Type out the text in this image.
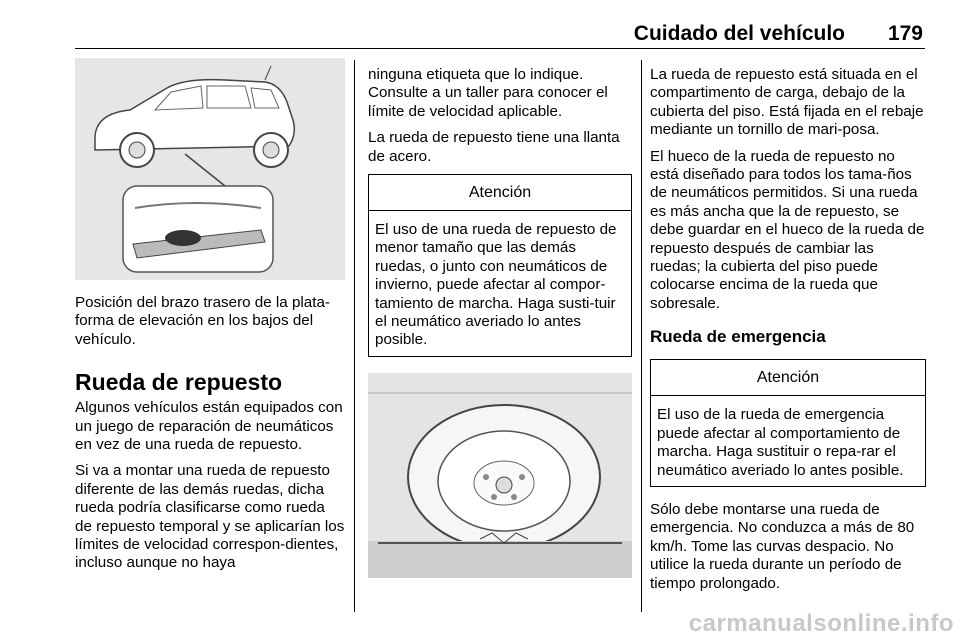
Cuidado del vehículo 179

Posición del brazo trasero de la plata-forma de elevación en los bajos del vehículo.

Rueda de repuesto

Algunos vehículos están equipados con un juego de reparación de neumáticos en vez de una rueda de repuesto.

Si va a montar una rueda de repuesto diferente de las demás ruedas, dicha rueda podría clasificarse como rueda de repuesto temporal y se aplicarían los límites de velocidad correspon-dientes, incluso aunque no haya

ninguna etiqueta que lo indique. Consulte a un taller para conocer el límite de velocidad aplicable.

La rueda de repuesto tiene una llanta de acero.

Atención
El uso de una rueda de repuesto de menor tamaño que las demás ruedas, o junto con neumáticos de invierno, puede afectar al compor-tamiento de marcha. Haga susti-tuir el neumático averiado lo antes posible.

La rueda de repuesto está situada en el compartimento de carga, debajo de la cubierta del piso. Está fijada en el rebaje mediante un tornillo de mari-posa.

El hueco de la rueda de repuesto no está diseñado para todos los tama-ños de neumáticos permitidos. Si una rueda es más ancha que la de repuesto, se debe guardar en el hueco de la rueda de repuesto después de cambiar las ruedas; la cubierta del piso puede colocarse encima de la rueda que sobresale.

Rueda de emergencia
Atención
El uso de la rueda de emergencia puede afectar al comportamiento de marcha. Haga sustituir o repa-rar el neumático averiado lo antes posible.

Sólo debe montarse una rueda de emergencia. No conduzca a más de 80 km/h. Tome las curvas despacio. No utilice la rueda durante un período de tiempo prolongado.

carmanualsonline.info
